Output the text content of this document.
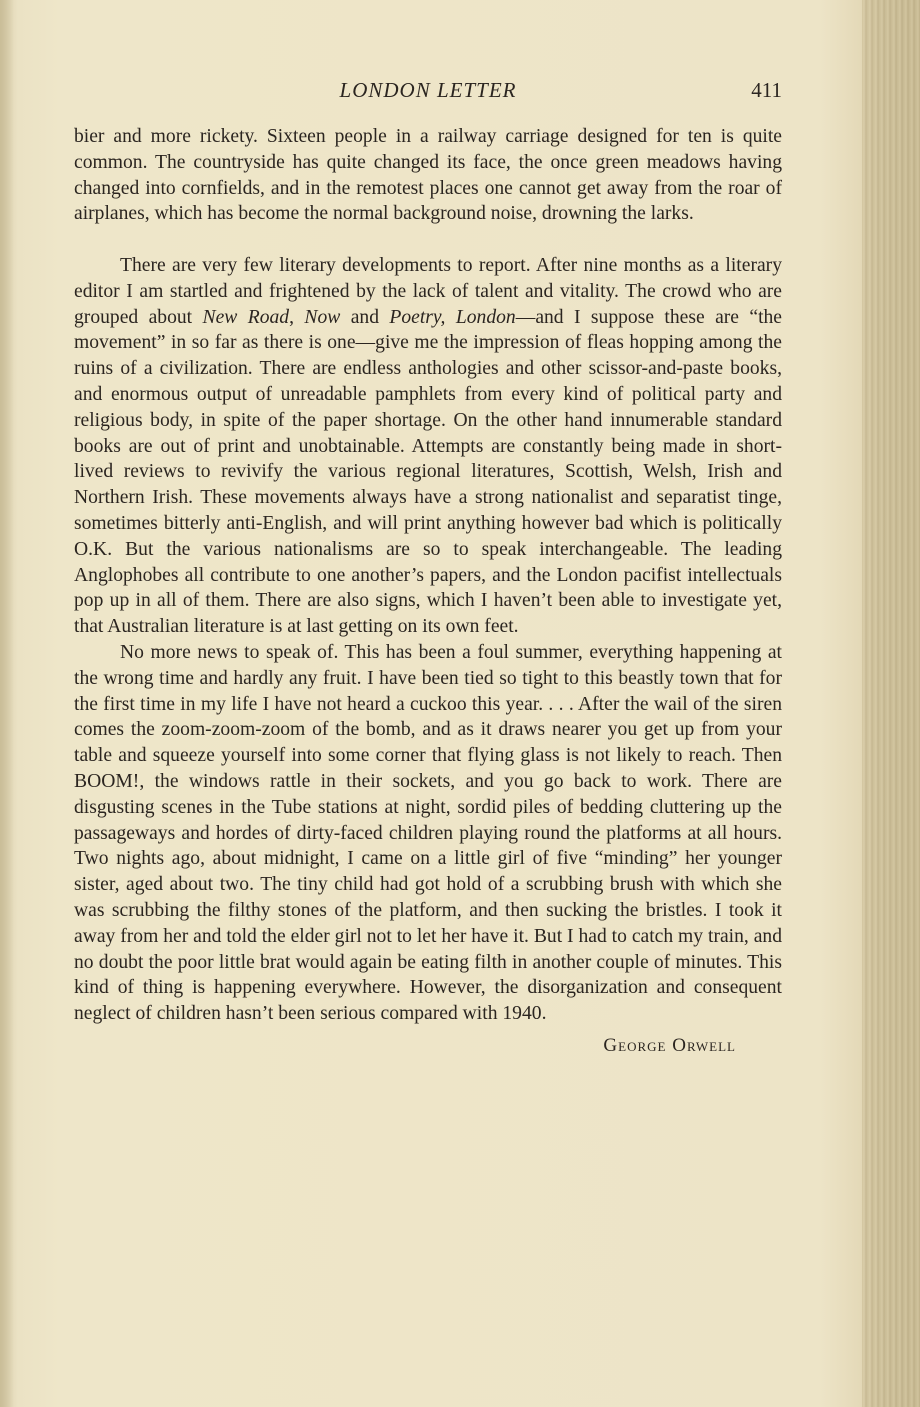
LONDON LETTER	411

bier and more rickety. Sixteen people in a railway carriage designed for ten is quite common. The countryside has quite changed its face, the once green meadows having changed into cornfields, and in the remotest places one cannot get away from the roar of airplanes, which has become the normal background noise, drowning the larks.

There are very few literary developments to report. After nine months as a literary editor I am startled and frightened by the lack of talent and vitality. The crowd who are grouped about New Road, Now and Poetry, London—and I suppose these are “the movement” in so far as there is one—give me the impression of fleas hopping among the ruins of a civilization. There are endless anthologies and other scissor-and-paste books, and enormous output of unreadable pamphlets from every kind of political party and religious body, in spite of the paper shortage. On the other hand innumerable standard books are out of print and unobtainable. Attempts are constantly being made in short-lived reviews to revivify the various regional literatures, Scottish, Welsh, Irish and Northern Irish. These movements always have a strong nationalist and separatist tinge, sometimes bitterly anti-English, and will print anything however bad which is politically O.K. But the various nationalisms are so to speak interchangeable. The leading Anglophobes all contribute to one another’s papers, and the London pacifist intellectuals pop up in all of them. There are also signs, which I haven’t been able to investigate yet, that Australian literature is at last getting on its own feet.

No more news to speak of. This has been a foul summer, everything happening at the wrong time and hardly any fruit. I have been tied so tight to this beastly town that for the first time in my life I have not heard a cuckoo this year. . . . After the wail of the siren comes the zoom-zoom-zoom of the bomb, and as it draws nearer you get up from your table and squeeze yourself into some corner that flying glass is not likely to reach. Then BOOM!, the windows rattle in their sockets, and you go back to work. There are disgusting scenes in the Tube stations at night, sordid piles of bedding cluttering up the passageways and hordes of dirty-faced children playing round the platforms at all hours. Two nights ago, about midnight, I came on a little girl of five “minding” her younger sister, aged about two. The tiny child had got hold of a scrubbing brush with which she was scrubbing the filthy stones of the platform, and then sucking the bristles. I took it away from her and told the elder girl not to let her have it. But I had to catch my train, and no doubt the poor little brat would again be eating filth in another couple of minutes. This kind of thing is happening everywhere. However, the disorganization and consequent neglect of children hasn’t been serious compared with 1940.

George Orwell
